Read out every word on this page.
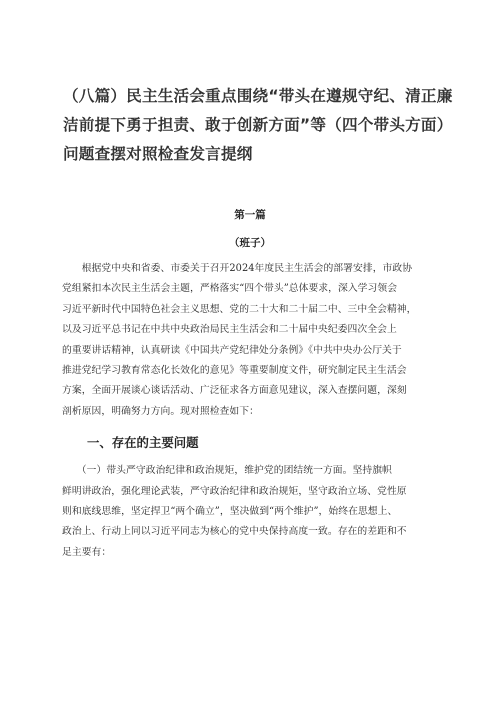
（八篇）民主生活会重点围绕“带头在遵规守纪、清正廉
洁前提下勇于担责、敢于创新方面”等（四个带头方面）
问题查摆对照检查发言提纲

第一篇

（班子）

　　根据党中央和省委、市委关于召开2024年度民主生活会的部署安排，市政协
党组紧扣本次民主生活会主题，严格落实“四个带头”总体要求，深入学习领会
习近平新时代中国特色社会主义思想、党的二十大和二十届二中、三中全会精神，
以及习近平总书记在中共中央政治局民主生活会和二十届中央纪委四次全会上
的重要讲话精神，认真研读《中国共产党纪律处分条例》《中共中央办公厅关于
推进党纪学习教育常态化长效化的意见》等重要制度文件，研究制定民主生活会
方案，全面开展谈心谈话活动、广泛征求各方面意见建议，深入查摆问题，深刻
剖析原因，明确努力方向。现对照检查如下：
一、存在的主要问题
　　（一）带头严守政治纪律和政治规矩，维护党的团结统一方面。坚持旗帜
鲜明讲政治，强化理论武装，严守政治纪律和政治规矩，坚守政治立场、党性原
则和底线思维，坚定捍卫“两个确立”，坚决做到“两个维护”，始终在思想上、
政治上、行动上同以习近平同志为核心的党中央保持高度一致。存在的差距和不
足主要有：
